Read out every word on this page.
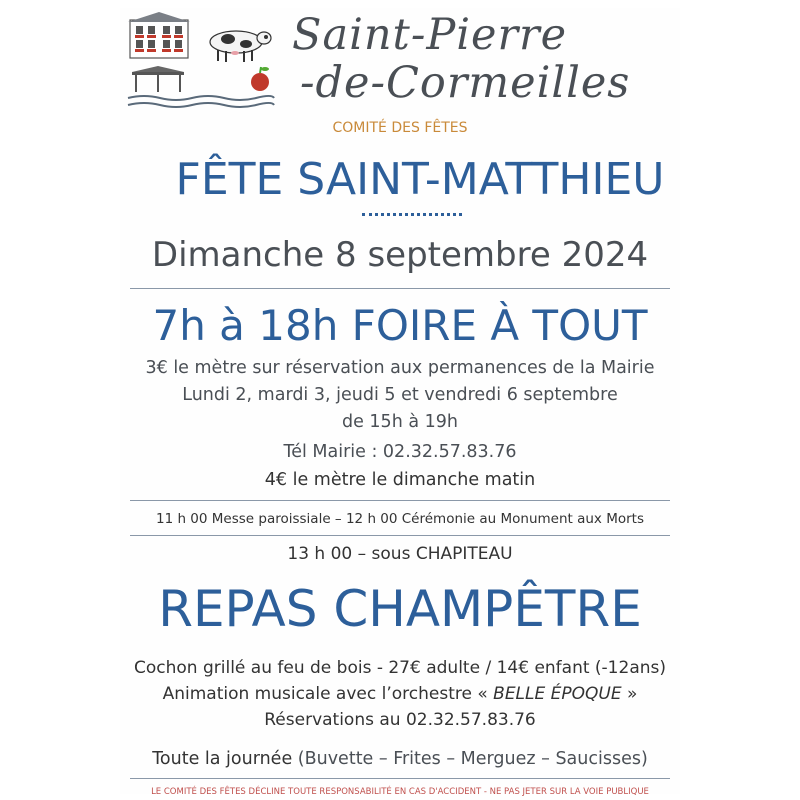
Saint-Pierre
-de-Cormeilles
COMITÉ DES FÊTES
FÊTE SAINT-MATTHIEU
Dimanche 8 septembre 2024
7h à 18h FOIRE À TOUT
3€ le mètre sur réservation aux permanences de la Mairie
Lundi 2, mardi 3, jeudi 5 et vendredi 6 septembre
de 15h à 19h
Tél Mairie : 02.32.57.83.76
4€ le mètre le dimanche matin
11 h 00 Messe paroissiale – 12 h 00 Cérémonie au Monument aux Morts
13 h 00 – sous CHAPITEAU
REPAS CHAMPÊTRE
Cochon grillé au feu de bois - 27€ adulte / 14€ enfant (-12ans)
Animation musicale avec l’orchestre « BELLE ÉPOQUE »
Réservations au 02.32.57.83.76
Toute la journée (Buvette – Frites – Merguez – Saucisses)
LE COMITÉ DES FÊTES DÉCLINE TOUTE RESPONSABILITÉ EN CAS D'ACCIDENT - NE PAS JETER SUR LA VOIE PUBLIQUE
